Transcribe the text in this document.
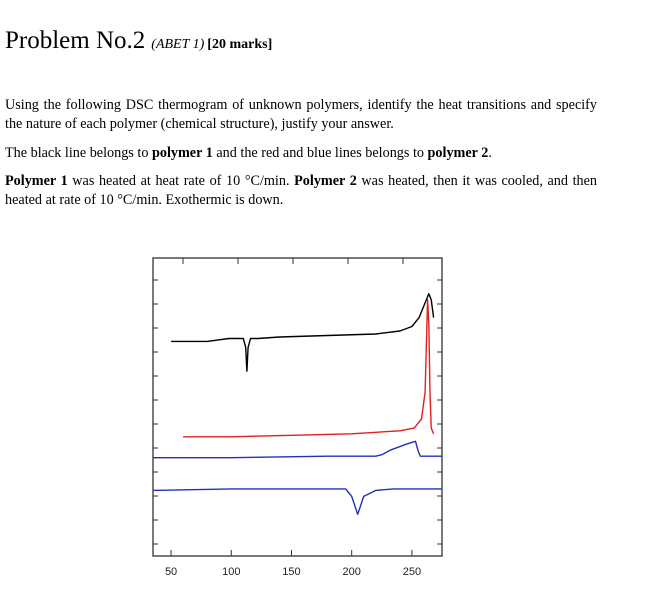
Problem No.2 (ABET 1) [20 marks]
Using the following DSC thermogram of unknown polymers, identify the heat transitions and specify the nature of each polymer (chemical structure), justify your answer.
The black line belongs to polymer 1 and the red and blue lines belongs to polymer 2.
Polymer 1 was heated at heat rate of 10 °C/min. Polymer 2 was heated, then it was cooled, and then heated at rate of 10 °C/min. Exothermic is down.
50	100	150	200	250
